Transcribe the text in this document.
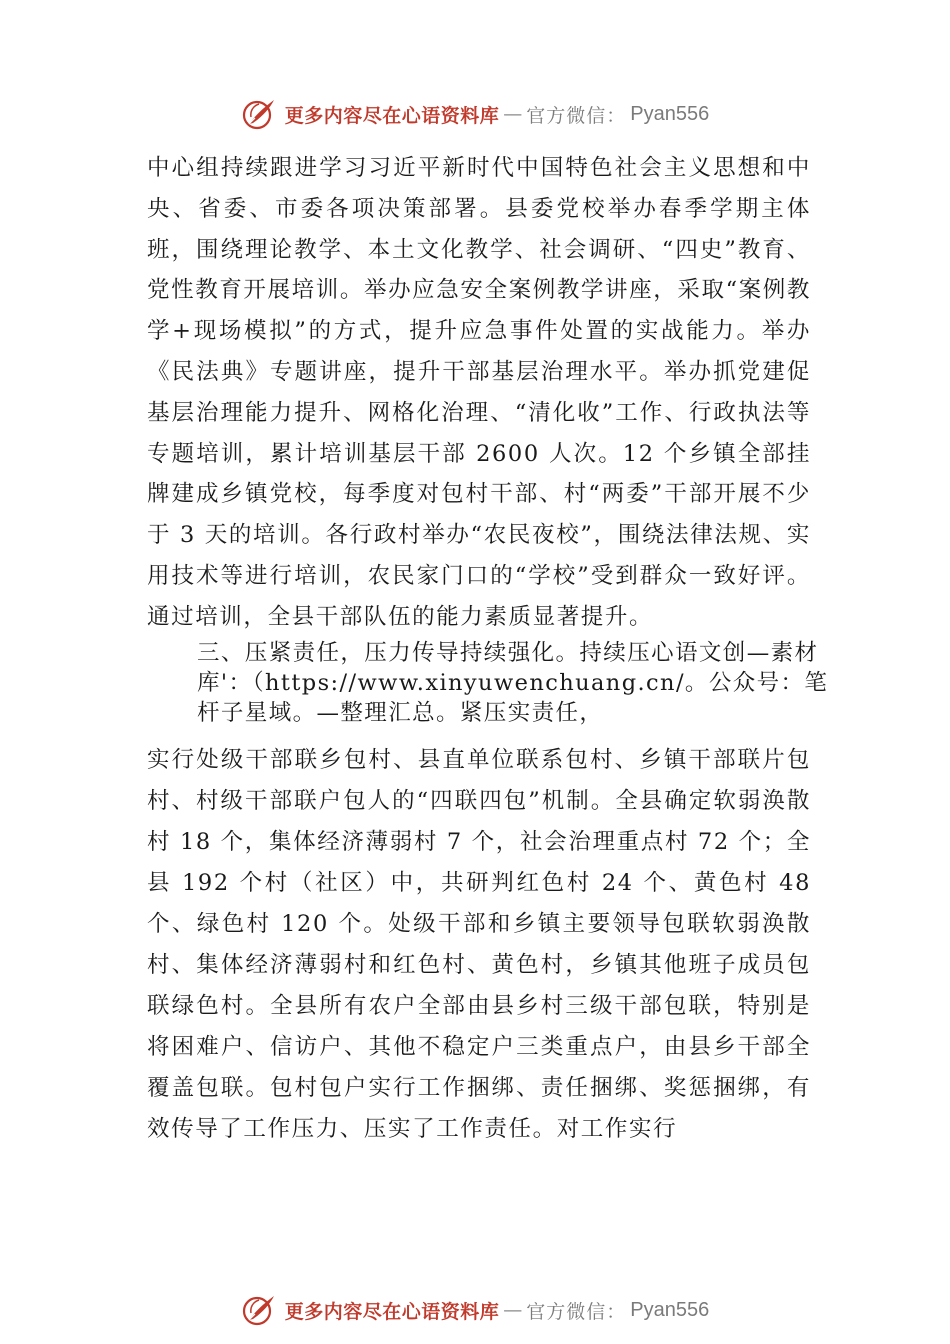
更多内容尽在心语资料库 — 官方微信： Pyan556

中心组持续跟进学习习近平新时代中国特色社会主义思想和中央、省委、市委各项决策部署。县委党校举办春季学期主体班，围绕理论教学、本土文化教学、社会调研、“四史”教育、党性教育开展培训。举办应急安全案例教学讲座，采取“案例教学+现场模拟”的方式，提升应急事件处置的实战能力。举办《民法典》专题讲座，提升干部基层治理水平。举办抓党建促基层治理能力提升、网格化治理、“清化收”工作、行政执法等专题培训，累计培训基层干部 2600 人次。12 个乡镇全部挂牌建成乡镇党校，每季度对包村干部、村“两委”干部开展不少于 3 天的培训。各行政村举办“农民夜校”，围绕法律法规、实用技术等进行培训，农民家门口的“学校”受到群众一致好评。通过培训，全县干部队伍的能力素质显著提升。

三、压紧责任，压力传导持续强化。持续压心语文创—素材库'：（https://www.xinyuwenchuang.cn/。公众号：笔杆子星域。—整理汇总。紧压实责任，

实行处级干部联乡包村、县直单位联系包村、乡镇干部联片包村、村级干部联户包人的“四联四包”机制。全县确定软弱涣散村 18 个，集体经济薄弱村 7 个，社会治理重点村 72 个；全县 192 个村（社区）中，共研判红色村 24 个、黄色村 48 个、绿色村 120 个。处级干部和乡镇主要领导包联软弱涣散村、集体经济薄弱村和红色村、黄色村，乡镇其他班子成员包联绿色村。全县所有农户全部由县乡村三级干部包联，特别是将困难户、信访户、其他不稳定户三类重点户，由县乡干部全覆盖包联。包村包户实行工作捆绑、责任捆绑、奖惩捆绑，有效传导了工作压力、压实了工作责任。对工作实行

更多内容尽在心语资料库 — 官方微信： Pyan556
